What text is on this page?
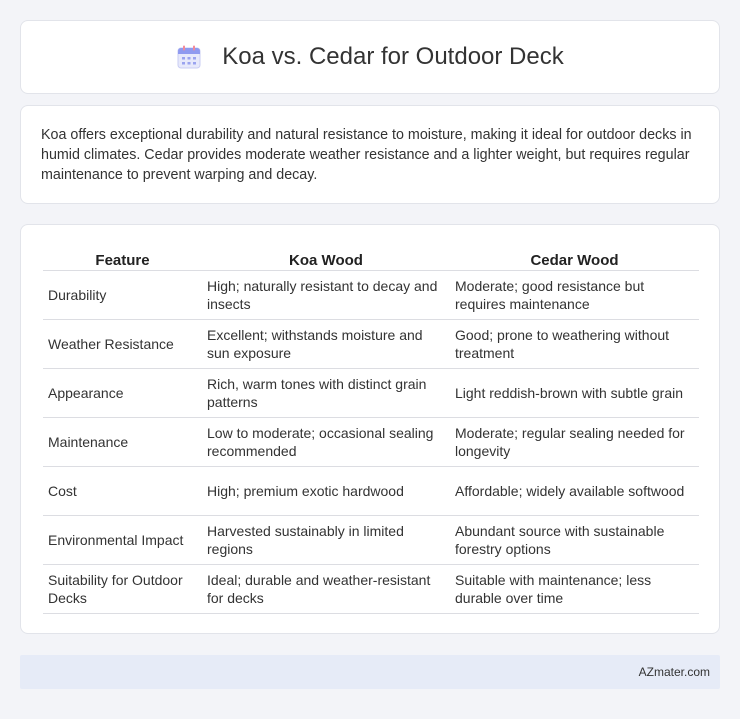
Koa vs. Cedar for Outdoor Deck

Koa offers exceptional durability and natural resistance to moisture, making it ideal for outdoor decks in humid climates. Cedar provides moderate weather resistance and a lighter weight, but requires regular maintenance to prevent warping and decay.

Feature	Koa Wood	Cedar Wood
Durability	High; naturally resistant to decay and insects	Moderate; good resistance but requires maintenance
Weather Resistance	Excellent; withstands moisture and sun exposure	Good; prone to weathering without treatment
Appearance	Rich, warm tones with distinct grain patterns	Light reddish-brown with subtle grain
Maintenance	Low to moderate; occasional sealing recommended	Moderate; regular sealing needed for longevity
Cost	High; premium exotic hardwood	Affordable; widely available softwood
Environmental Impact	Harvested sustainably in limited regions	Abundant source with sustainable forestry options
Suitability for Outdoor Decks	Ideal; durable and weather-resistant for decks	Suitable with maintenance; less durable over time
AZmater.com
